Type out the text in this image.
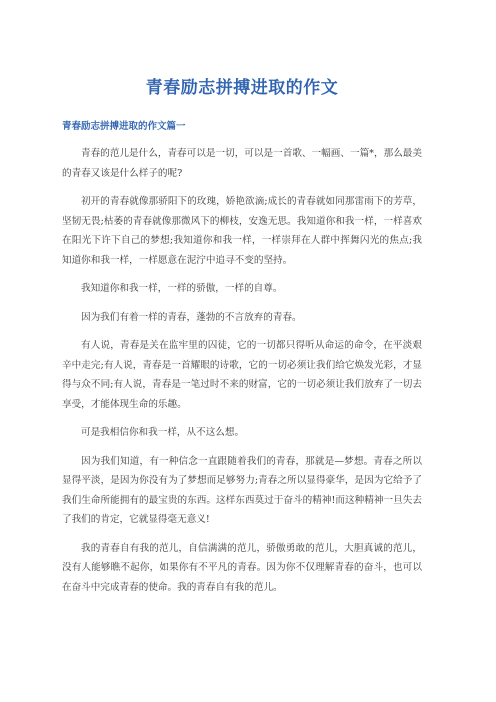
青春励志拼搏进取的作文
青春励志拼搏进取的作文篇一

青春的范儿是什么，青春可以是一切，可以是一首歌、一幅画、一篇*，那么最美的青春又该是什么样子的呢?

初开的青春就像那骄阳下的玫瑰，娇艳欲滴;成长的青春就如同那雷雨下的芳草，坚韧无畏;枯萎的青春就像那微风下的柳枝，安逸无思。我知道你和我一样，一样喜欢在阳光下许下自己的梦想;我知道你和我一样，一样崇拜在人群中挥舞闪光的焦点;我知道你和我一样，一样愿意在泥泞中追寻不变的坚持。

我知道你和我一样，一样的骄傲，一样的自尊。

因为我们有着一样的青春，蓬勃的不言放弃的青春。

有人说，青春是关在监牢里的囚徒，它的一切都只得听从命运的命令，在平淡艰辛中走完;有人说，青春是一首耀眼的诗歌，它的一切必须让我们给它焕发光彩，才显得与众不同;有人说，青春是一笔过时不来的财富，它的一切必须让我们放弃了一切去享受，才能体现生命的乐趣。

可是我相信你和我一样，从不这么想。

因为我们知道，有一种信念一直跟随着我们的青春，那就是—梦想。青春之所以显得平淡，是因为你没有为了梦想而足够努力;青春之所以显得豪华，是因为它给予了我们生命所能拥有的最宝贵的东西。这样东西莫过于奋斗的精神!而这种精神一旦失去了我们的肯定，它就显得毫无意义!

我的青春自有我的范儿，自信满满的范儿，骄傲勇敢的范儿，大胆真诚的范儿，没有人能够瞧不起你，如果你有不平凡的青春。因为你不仅理解青春的奋斗，也可以在奋斗中完成青春的使命。我的青春自有我的范儿。
